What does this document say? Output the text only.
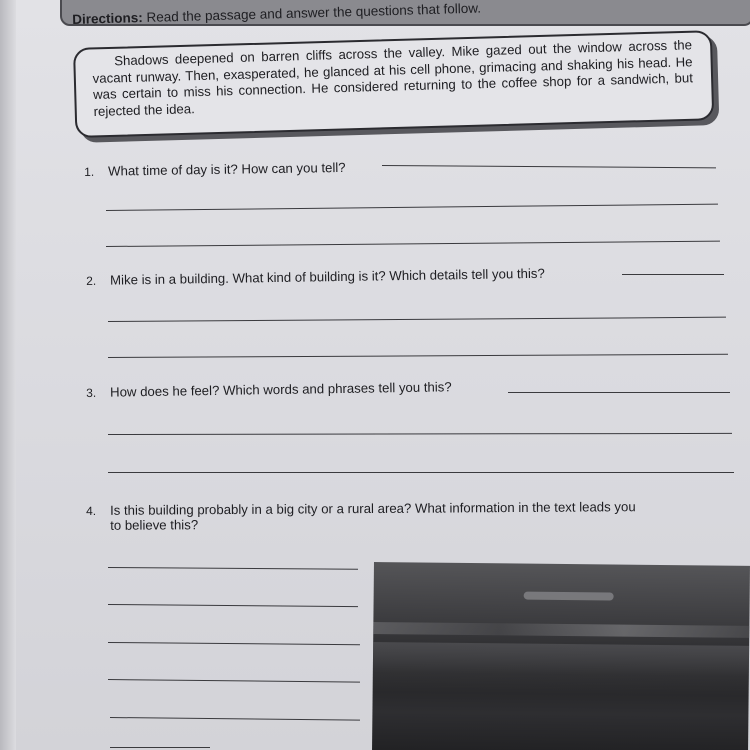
Directions: Read the passage and answer the questions that follow.
Shadows deepened on barren cliffs across the valley. Mike gazed out the window across the vacant runway. Then, exasperated, he glanced at his cell phone, grimacing and shaking his head. He was certain to miss his connection. He considered returning to the coffee shop for a sandwich, but rejected the idea.
1. What time of day is it? How can you tell?
2. Mike is in a building. What kind of building is it? Which details tell you this?
3. How does he feel? Which words and phrases tell you this?
4. Is this building probably in a big city or a rural area? What information in the text leads you
to believe this?
